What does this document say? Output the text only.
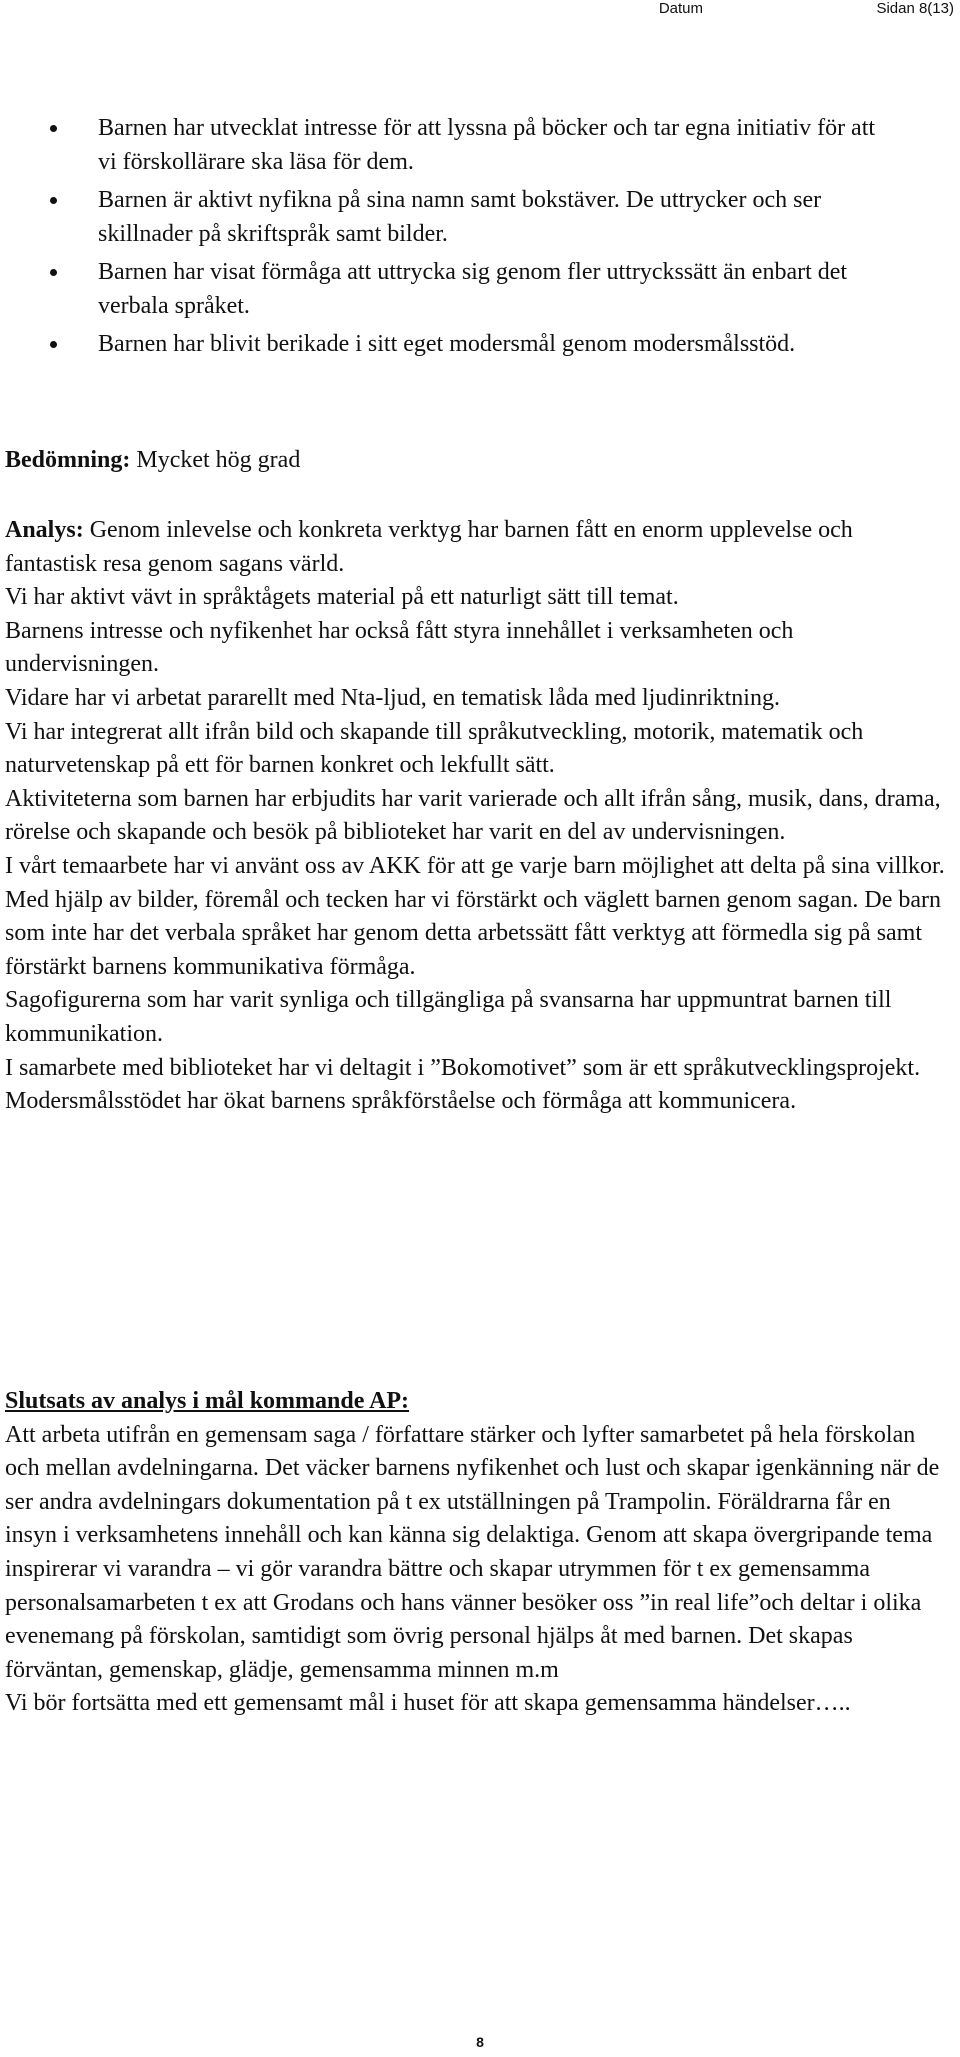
Datum	Sidan 8(13)
Barnen har utvecklat intresse för att lyssna på böcker och tar egna initiativ för att vi förskollärare ska läsa för dem.
Barnen är aktivt nyfikna på sina namn samt bokstäver. De uttrycker och ser skillnader på skriftspråk samt bilder.
Barnen har visat förmåga att uttrycka sig genom fler uttryckssätt än enbart det verbala språket.
Barnen har blivit berikade i sitt eget modersmål genom modersmålsstöd.

Bedömning: Mycket hög grad

Analys: Genom inlevelse och konkreta verktyg har barnen fått en enorm upplevelse och fantastisk resa genom sagans värld.

Vi har aktivt vävt in språktågets material på ett naturligt sätt till temat.

Barnens intresse och nyfikenhet har också fått styra innehållet i verksamheten och undervisningen.

Vidare har vi arbetat pararellt med Nta-ljud, en tematisk låda med ljudinriktning.

Vi har integrerat allt ifrån bild och skapande till språkutveckling, motorik, matematik och naturvetenskap på ett för barnen konkret och lekfullt sätt.

Aktiviteterna som barnen har erbjudits har varit varierade och allt ifrån sång, musik, dans, drama, rörelse och skapande och besök på biblioteket har varit en del av undervisningen.

I vårt temaarbete har vi använt oss av AKK för att ge varje barn möjlighet att delta på sina villkor. Med hjälp av bilder, föremål och tecken har vi förstärkt och väglett barnen genom sagan. De barn som inte har det verbala språket har genom detta arbetssätt fått verktyg att förmedla sig på samt förstärkt barnens kommunikativa förmåga.

Sagofigurerna som har varit synliga och tillgängliga på svansarna har uppmuntrat barnen till kommunikation.

I samarbete med biblioteket har vi deltagit i ”Bokomotivet” som är ett språkutvecklingsprojekt.

Modersmålsstödet har ökat barnens språkförståelse och förmåga att kommunicera.

Slutsats av analys i mål kommande AP:

Att arbeta utifrån en gemensam saga / författare stärker och lyfter samarbetet på hela förskolan och mellan avdelningarna. Det väcker barnens nyfikenhet och lust och skapar igenkänning när de ser andra avdelningars dokumentation på t ex utställningen på Trampolin. Föräldrarna får en insyn i verksamhetens innehåll och kan känna sig delaktiga. Genom att skapa övergripande tema inspirerar vi varandra – vi gör varandra bättre och skapar utrymmen för t ex gemensamma personalsamarbeten t ex att Grodans och hans vänner besöker oss ”in real life”och deltar i olika evenemang på förskolan, samtidigt som övrig personal hjälps åt med barnen. Det skapas förväntan, gemenskap, glädje, gemensamma minnen m.m

Vi bör fortsätta med ett gemensamt mål i huset för att skapa gemensamma händelser…..

8
